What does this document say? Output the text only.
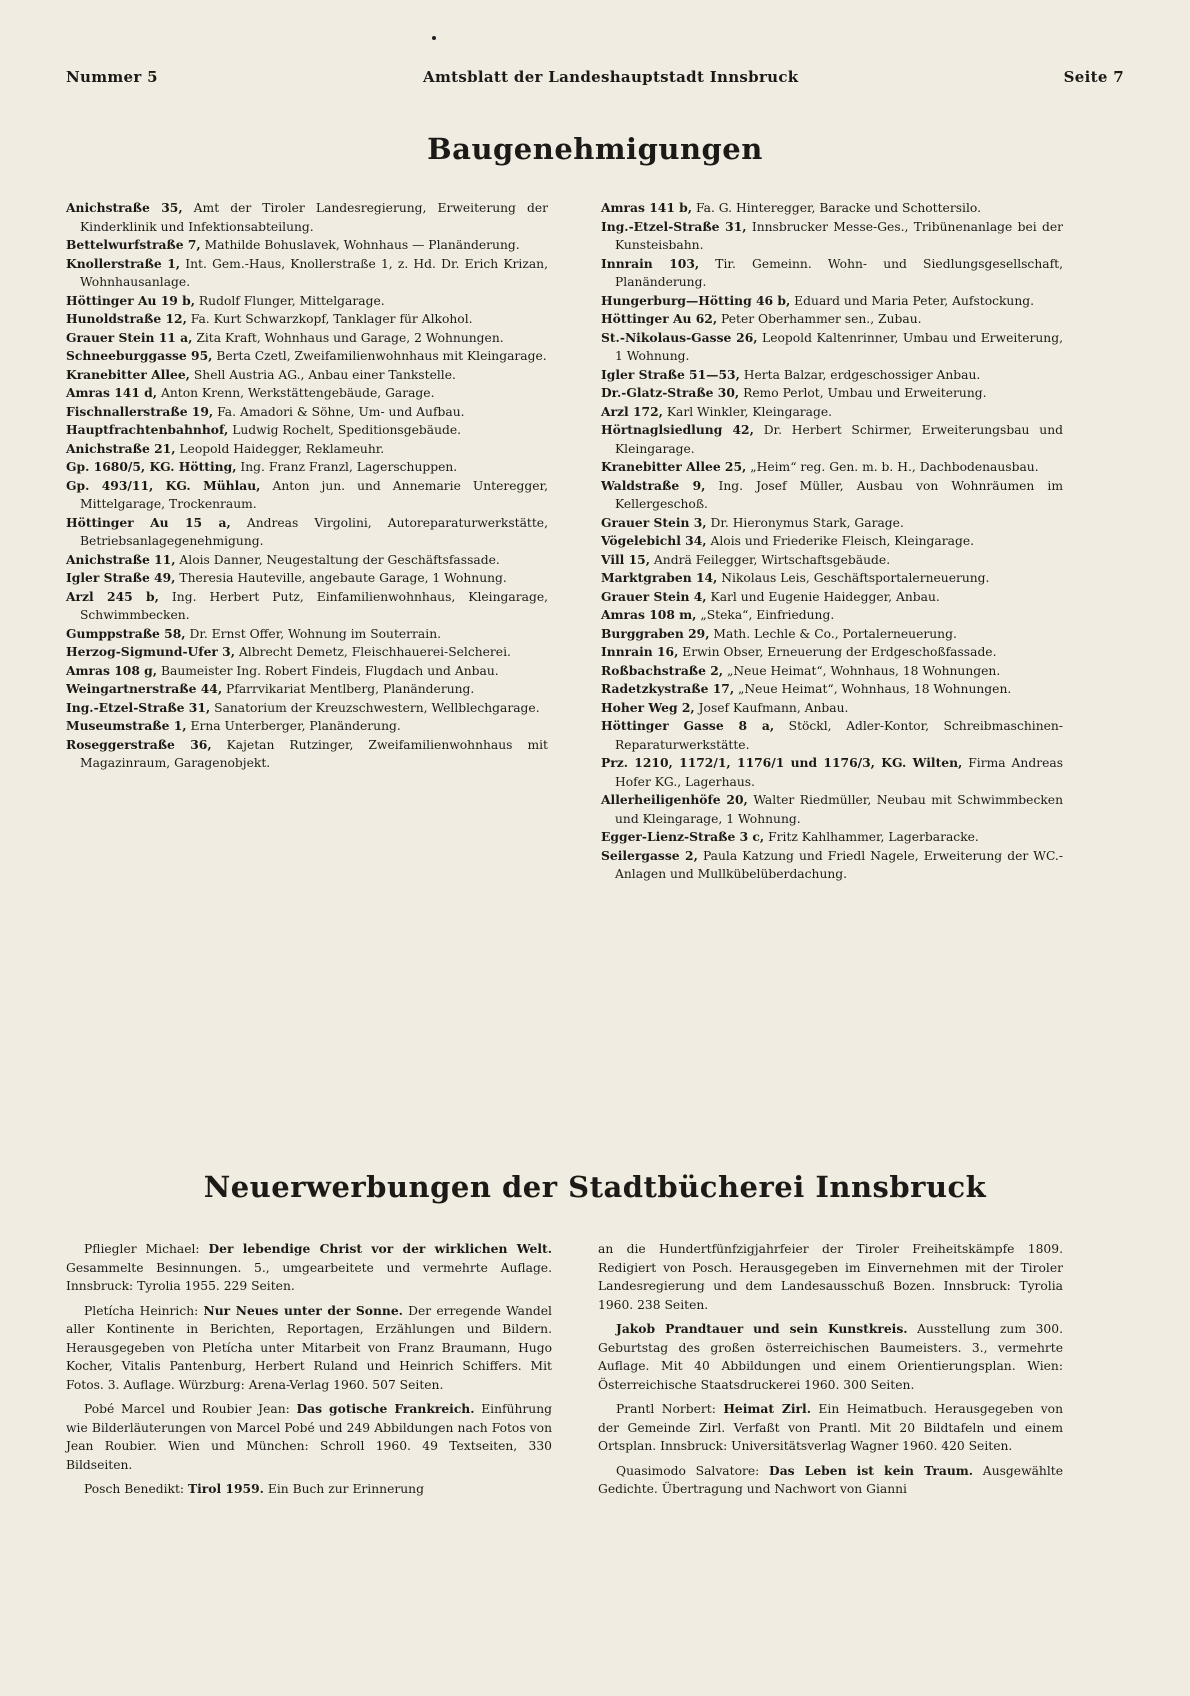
Nummer 5	Amtsblatt der Landeshauptstadt Innsbruck	Seite 7
Baugenehmigungen

Anichstraße 35, Amt der Tiroler Landesregierung, Erweiterung der Kinderklinik und Infektionsabteilung.

Bettelwurfstraße 7, Mathilde Bohuslavek, Wohnhaus — Planänderung.

Knollerstraße 1, Int. Gem.-Haus, Knollerstraße 1, z. Hd. Dr. Erich Krizan, Wohnhausanlage.

Höttinger Au 19 b, Rudolf Flunger, Mittelgarage.

Hunoldstraße 12, Fa. Kurt Schwarzkopf, Tanklager für Alkohol.

Grauer Stein 11 a, Zita Kraft, Wohnhaus und Garage, 2 Wohnungen.

Schneeburggasse 95, Berta Czetl, Zweifamilienwohnhaus mit Kleingarage.

Kranebitter Allee, Shell Austria AG., Anbau einer Tankstelle.

Amras 141 d, Anton Krenn, Werkstättengebäude, Garage.

Fischnallerstraße 19, Fa. Amadori & Söhne, Um- und Aufbau.

Hauptfrachtenbahnhof, Ludwig Rochelt, Speditionsgebäude.

Anichstraße 21, Leopold Haidegger, Reklameuhr.

Gp. 1680/5, KG. Hötting, Ing. Franz Franzl, Lagerschuppen.

Gp. 493/11, KG. Mühlau, Anton jun. und Annemarie Unteregger, Mittelgarage, Trockenraum.

Höttinger Au 15 a, Andreas Virgolini, Autoreparaturwerkstätte, Betriebsanlagegenehmigung.

Anichstraße 11, Alois Danner, Neugestaltung der Geschäftsfassade.

Igler Straße 49, Theresia Hauteville, angebaute Garage, 1 Wohnung.

Arzl 245 b, Ing. Herbert Putz, Einfamilienwohnhaus, Kleingarage, Schwimmbecken.

Gumppstraße 58, Dr. Ernst Offer, Wohnung im Souterrain.

Herzog-Sigmund-Ufer 3, Albrecht Demetz, Fleischhauerei-Selcherei.

Amras 108 g, Baumeister Ing. Robert Findeis, Flugdach und Anbau.

Weingartnerstraße 44, Pfarrvikariat Mentlberg, Planänderung.

Ing.-Etzel-Straße 31, Sanatorium der Kreuzschwestern, Wellblechgarage.

Museumstraße 1, Erna Unterberger, Planänderung.

Roseggerstraße 36, Kajetan Rutzinger, Zweifamilienwohnhaus mit Magazinraum, Garagenobjekt.

Amras 141 b, Fa. G. Hinteregger, Baracke und Schottersilo.

Ing.-Etzel-Straße 31, Innsbrucker Messe-Ges., Tribünenanlage bei der Kunsteisbahn.

Innrain 103, Tir. Gemeinn. Wohn- und Siedlungsgesellschaft, Planänderung.

Hungerburg—Hötting 46 b, Eduard und Maria Peter, Aufstockung.

Höttinger Au 62, Peter Oberhammer sen., Zubau.

St.-Nikolaus-Gasse 26, Leopold Kaltenrinner, Umbau und Erweiterung, 1 Wohnung.

Igler Straße 51—53, Herta Balzar, erdgeschossiger Anbau.

Dr.-Glatz-Straße 30, Remo Perlot, Umbau und Erweiterung.

Arzl 172, Karl Winkler, Kleingarage.

Hörtnaglsiedlung 42, Dr. Herbert Schirmer, Erweiterungsbau und Kleingarage.

Kranebitter Allee 25, „Heim“ reg. Gen. m. b. H., Dachbodenausbau.

Waldstraße 9, Ing. Josef Müller, Ausbau von Wohnräumen im Kellergeschoß.

Grauer Stein 3, Dr. Hieronymus Stark, Garage.

Vögelebichl 34, Alois und Friederike Fleisch, Kleingarage.

Vill 15, Andrä Feilegger, Wirtschaftsgebäude.

Marktgraben 14, Nikolaus Leis, Geschäftsportalerneuerung.

Grauer Stein 4, Karl und Eugenie Haidegger, Anbau.

Amras 108 m, „Steka“, Einfriedung.

Burggraben 29, Math. Lechle & Co., Portalerneuerung.

Innrain 16, Erwin Obser, Erneuerung der Erdgeschoßfassade.

Roßbachstraße 2, „Neue Heimat“, Wohnhaus, 18 Wohnungen.

Radetzkystraße 17, „Neue Heimat“, Wohnhaus, 18 Wohnungen.

Hoher Weg 2, Josef Kaufmann, Anbau.

Höttinger Gasse 8 a, Stöckl, Adler-Kontor, Schreibmaschinen-Reparaturwerkstätte.

Prz. 1210, 1172/1, 1176/1 und 1176/3, KG. Wilten, Firma Andreas Hofer KG., Lagerhaus.

Allerheiligenhöfe 20, Walter Riedmüller, Neubau mit Schwimmbecken und Kleingarage, 1 Wohnung.

Egger-Lienz-Straße 3 c, Fritz Kahlhammer, Lagerbaracke.

Seilergasse 2, Paula Katzung und Friedl Nagele, Erweiterung der WC.-Anlagen und Mullkübelüberdachung.

Neuerwerbungen der Stadtbücherei Innsbruck

Pfliegler Michael: Der lebendige Christ vor der wirklichen Welt. Gesammelte Besinnungen. 5., umgearbeitete und vermehrte Auflage. Innsbruck: Tyrolia 1955. 229 Seiten.

Pletícha Heinrich: Nur Neues unter der Sonne. Der erregende Wandel aller Kontinente in Berichten, Reportagen, Erzählungen und Bildern. Herausgegeben von Pletícha unter Mitarbeit von Franz Braumann, Hugo Kocher, Vitalis Pantenburg, Herbert Ruland und Heinrich Schiffers. Mit Fotos. 3. Auflage. Würzburg: Arena-Verlag 1960. 507 Seiten.

Pobé Marcel und Roubier Jean: Das gotische Frankreich. Einführung wie Bilderläuterungen von Marcel Pobé und 249 Abbildungen nach Fotos von Jean Roubier. Wien und München: Schroll 1960. 49 Textseiten, 330 Bildseiten.

Posch Benedikt: Tirol 1959. Ein Buch zur Erinnerung

an die Hundertfünfzigjahrfeier der Tiroler Freiheitskämpfe 1809. Redigiert von Posch. Herausgegeben im Einvernehmen mit der Tiroler Landesregierung und dem Landesausschuß Bozen. Innsbruck: Tyrolia 1960. 238 Seiten.

Jakob Prandtauer und sein Kunstkreis. Ausstellung zum 300. Geburtstag des großen österreichischen Baumeisters. 3., vermehrte Auflage. Mit 40 Abbildungen und einem Orientierungsplan. Wien: Österreichische Staatsdruckerei 1960. 300 Seiten.

Prantl Norbert: Heimat Zirl. Ein Heimatbuch. Herausgegeben von der Gemeinde Zirl. Verfaßt von Prantl. Mit 20 Bildtafeln und einem Ortsplan. Innsbruck: Universitätsverlag Wagner 1960. 420 Seiten.

Quasimodo Salvatore: Das Leben ist kein Traum. Ausgewählte Gedichte. Übertragung und Nachwort von Gianni
